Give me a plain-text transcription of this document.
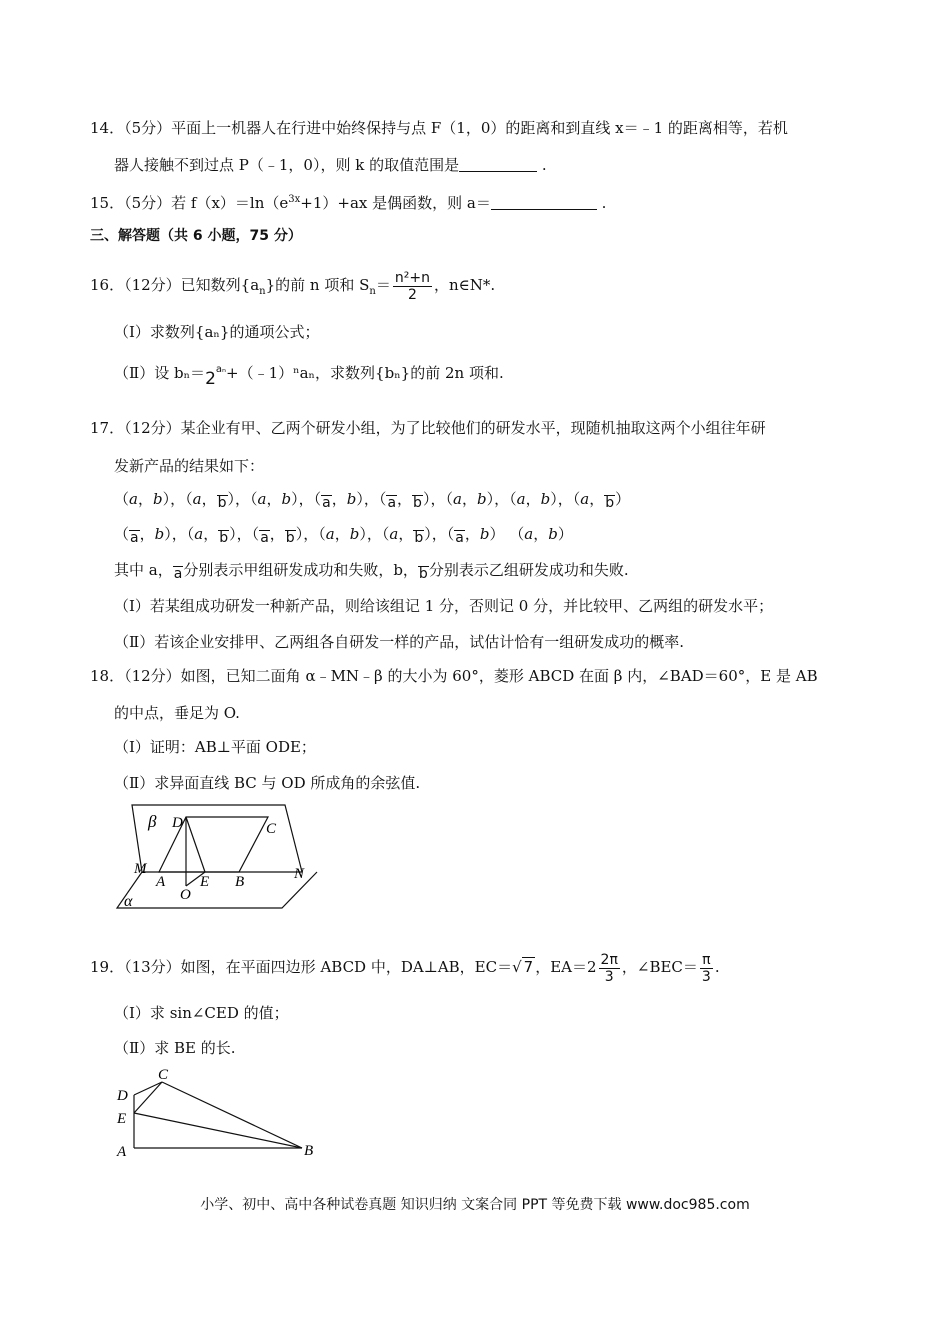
14．（5分）平面上一机器人在行进中始终保持与点 F（1，0）的距离和到直线 x＝﹣1 的距离相等，若机
器人接触不到过点 P（﹣1，0），则 k 的取值范围是	.
15．（5分）若 $f(x)=\ln(e^{3x}+1)+ax$ 是偶函数，则 a＝	.
三、解答题（共 6 小题，75 分）
16．（12分）已知数列$\{a_n\}$的前 n 项和 $S_n= \frac{\text{n²+n}}{2}$ ，n∈N*.
（Ⅰ）求数列{aₙ}的通项公式；
（Ⅱ）设 $b_n=2^{a_n}+(﹣1)^na_n$，求数列{bₙ}的前 2n 项和.
17．（12分）某企业有甲、乙两个研发小组，为了比较他们的研发水平，现随机抽取这两个小组往年研
发新产品的结果如下：
（a，b），（a，b），（a，b），（a，b），（a，b），（a，b），（a，b），（a，b）
（a，b），（a，b），（a，b），（a，b），（a，b），（a，b） （a，b）
其中 a，a分别表示甲组研发成功和失败，b，b分别表示乙组研发成功和失败.
（Ⅰ）若某组成功研发一种新产品，则给该组记 1 分，否则记 0 分，并比较甲、乙两组的研发水平；
（Ⅱ）若该企业安排甲、乙两组各自研发一样的产品，试估计恰有一组研发成功的概率.
18．（12分）如图，已知二面角 α﹣MN﹣β 的大小为 60°，菱形 ABCD 在面 β 内，∠BAD＝60°，E 是 AB
的中点，垂足为 O.
（Ⅰ）证明：AB⊥平面 ODE；
（Ⅱ）求异面直线 BC 与 OD 所成角的余弦值.
β
α
D	C
M
A E B	N
O
19．（13分）如图，在平面四边形 ABCD 中，DA⊥AB，EC＝√ 7 ，$EA=2 \frac{2\pi}{3}$ ，∠BEC＝ $\frac{\pi}{3}$ .
（Ⅰ）求 sin∠CED 的值；
（Ⅱ）求 BE 的长.
D
C
E
A	B
小学、初中、高中各种试卷真题 知识归纳 文案合同 PPT 等免费下载 www.doc985.com
